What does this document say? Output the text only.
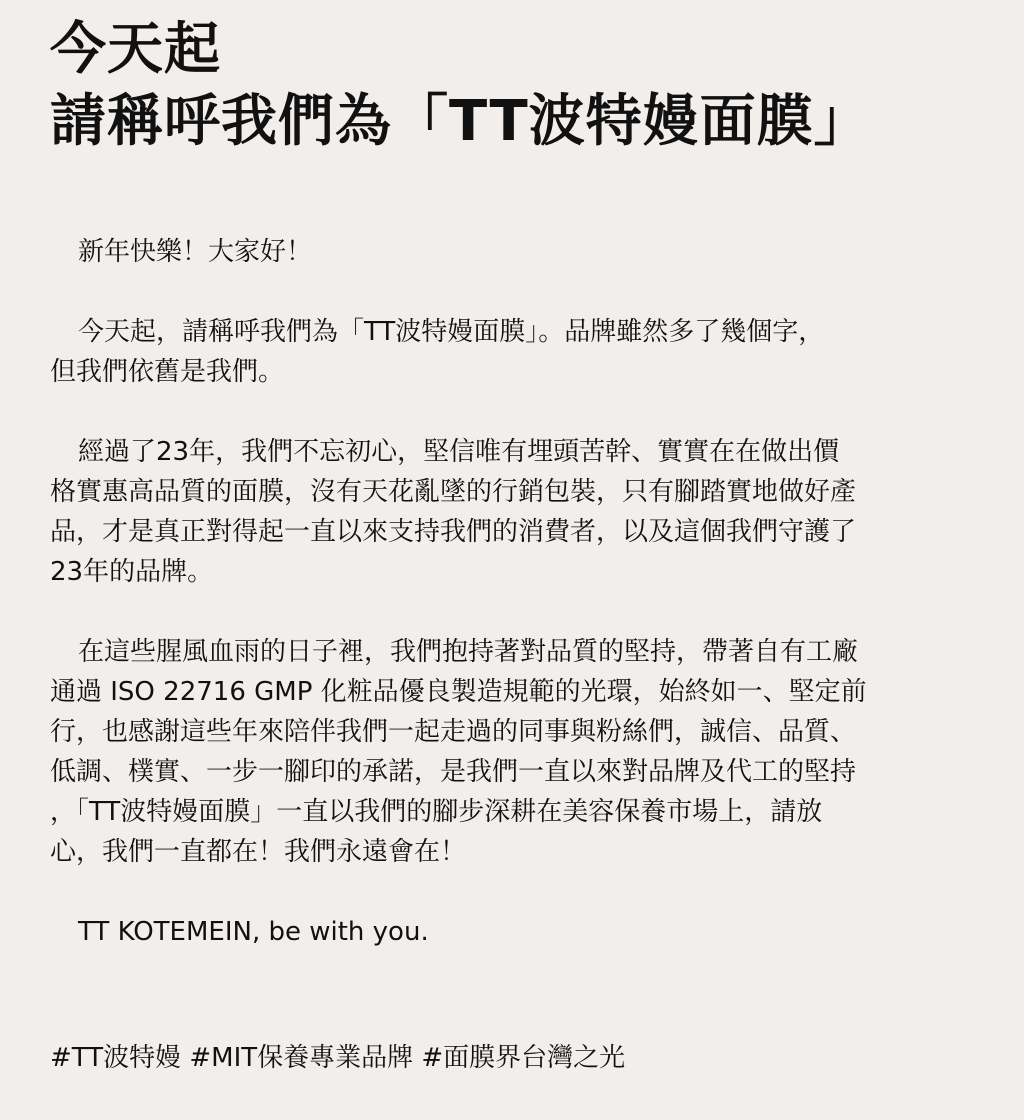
今天起
請稱呼我們為「TT波特嫚面膜」

新年快樂！大家好！

今天起，請稱呼我們為「TT波特嫚面膜」。品牌雖然多了幾個字，
但我們依舊是我們。

經過了23年，我們不忘初心，堅信唯有埋頭苦幹、實實在在做出價
格實惠高品質的面膜，沒有天花亂墜的行銷包裝，只有腳踏實地做好產
品，才是真正對得起一直以來支持我們的消費者，以及這個我們守護了
23年的品牌。

在這些腥風血雨的日子裡，我們抱持著對品質的堅持，帶著自有工廠
通過 ISO 22716 GMP 化粧品優良製造規範的光環，始終如一、堅定前
行，也感謝這些年來陪伴我們一起走過的同事與粉絲們，誠信、品質、
低調、樸實、一步一腳印的承諾，是我們一直以來對品牌及代工的堅持
，「TT波特嫚面膜」一直以我們的腳步深耕在美容保養市場上，請放
心，我們一直都在！我們永遠會在！

TT KOTEMEIN, be with you.

#TT波特嫚 #MIT保養專業品牌 #面膜界台灣之光
